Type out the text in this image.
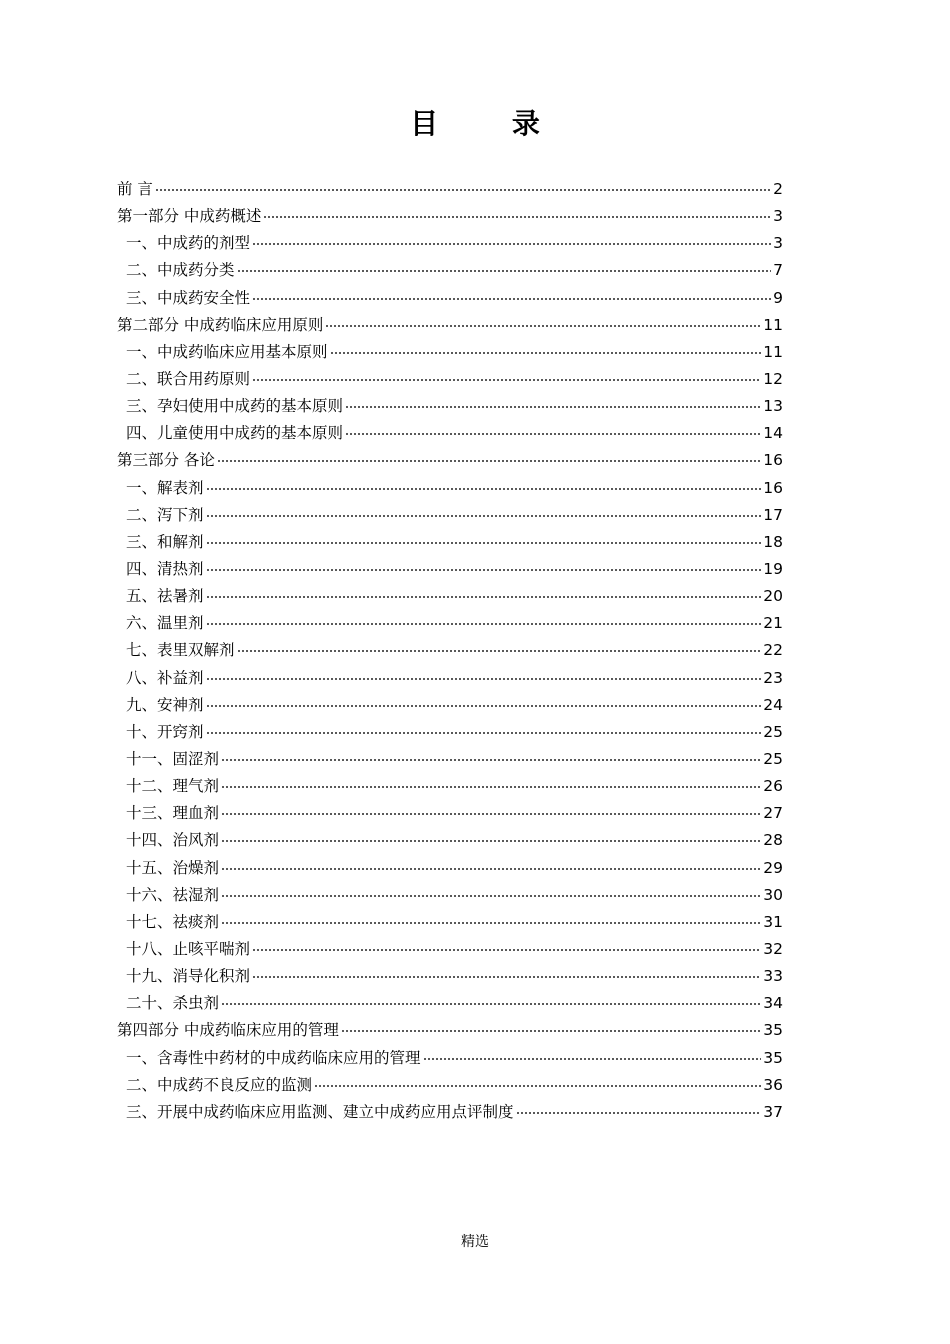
目 录
前 言	2
第一部分 中成药概述	3
一、中成药的剂型	3
二、中成药分类	7
三、中成药安全性	9
第二部分 中成药临床应用原则	11
一、中成药临床应用基本原则	11
二、联合用药原则	12
三、孕妇使用中成药的基本原则	13
四、儿童使用中成药的基本原则	14
第三部分 各论	16
一、解表剂	16
二、泻下剂	17
三、和解剂	18
四、清热剂	19
五、祛暑剂	20
六、温里剂	21
七、表里双解剂	22
八、补益剂	23
九、安神剂	24
十、开窍剂	25
十一、固涩剂	25
十二、理气剂	26
十三、理血剂	27
十四、治风剂	28
十五、治燥剂	29
十六、祛湿剂	30
十七、祛痰剂	31
十八、止咳平喘剂	32
十九、消导化积剂	33
二十、杀虫剂	34
第四部分 中成药临床应用的管理	35
一、含毒性中药材的中成药临床应用的管理	35
二、中成药不良反应的监测	36
三、开展中成药临床应用监测、建立中成药应用点评制度	37
精选
